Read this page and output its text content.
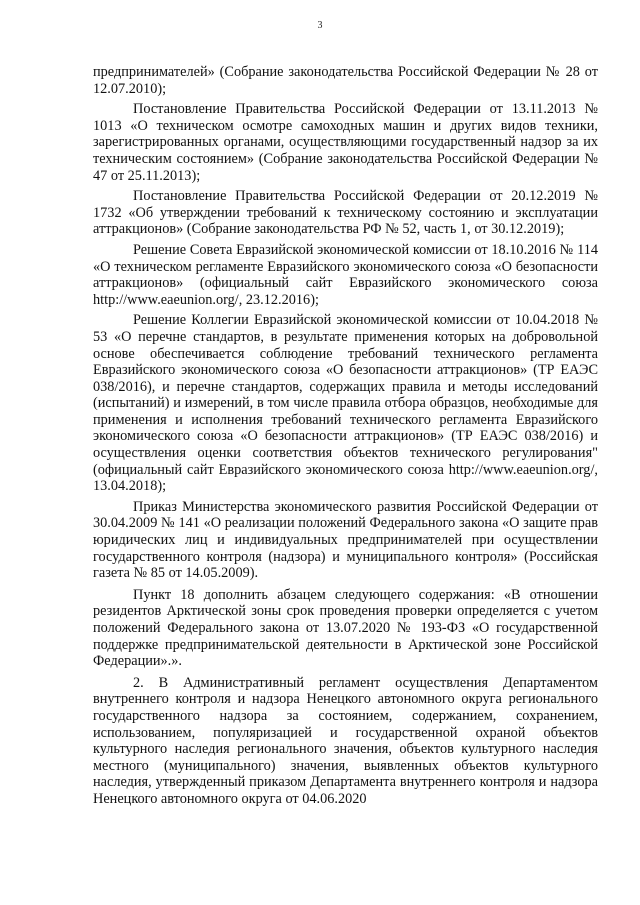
3

предпринимателей» (Собрание законодательства Российской Федерации № 28 от 12.07.2010);

Постановление Правительства Российской Федерации от 13.11.2013 № 1013 «О техническом осмотре самоходных машин и других видов техники, зарегистрированных органами, осуществляющими государственный надзор за их техническим состоянием» (Собрание законодательства Российской Федерации № 47 от 25.11.2013);

Постановление Правительства Российской Федерации от 20.12.2019 № 1732 «Об утверждении требований к техническому состоянию и эксплуатации аттракционов» (Собрание законодательства РФ № 52, часть 1, от 30.12.2019);

Решение Совета Евразийской экономической комиссии от 18.10.2016 № 114 «О техническом регламенте Евразийского экономического союза «О безопасности аттракционов» (официальный сайт Евразийского экономического союза http://www.eaeunion.org/, 23.12.2016);

Решение Коллегии Евразийской экономической комиссии от 10.04.2018 № 53 «О перечне стандартов, в результате применения которых на добровольной основе обеспечивается соблюдение требований технического регламента Евразийского экономического союза «О безопасности аттракционов» (ТР ЕАЭС 038/2016), и перечне стандартов, содержащих правила и методы исследований (испытаний) и измерений, в том числе правила отбора образцов, необходимые для применения и исполнения требований технического регламента Евразийского экономического союза «О безопасности аттракционов» (ТР ЕАЭС 038/2016) и осуществления оценки соответствия объектов технического регулирования" (официальный сайт Евразийского экономического союза http://www.eaeunion.org/, 13.04.2018);

Приказ Министерства экономического развития Российской Федерации от 30.04.2009 № 141 «О реализации положений Федерального закона «О защите прав юридических лиц и индивидуальных предпринимателей при осуществлении государственного контроля (надзора) и муниципального контроля» (Российская газета № 85 от 14.05.2009).

Пункт 18 дополнить абзацем следующего содержания: «В отношении резидентов Арктической зоны срок проведения проверки определяется с учетом положений Федерального закона от 13.07.2020 № 193-ФЗ «О государственной поддержке предпринимательской деятельности в Арктической зоне Российской Федерации».».

2. В Административный регламент осуществления Департаментом внутреннего контроля и надзора Ненецкого автономного округа регионального государственного надзора за состоянием, содержанием, сохранением, использованием, популяризацией и государственной охраной объектов культурного наследия регионального значения, объектов культурного наследия местного (муниципального) значения, выявленных объектов культурного наследия, утвержденный приказом Департамента внутреннего контроля и надзора Ненецкого автономного округа от 04.06.2020
